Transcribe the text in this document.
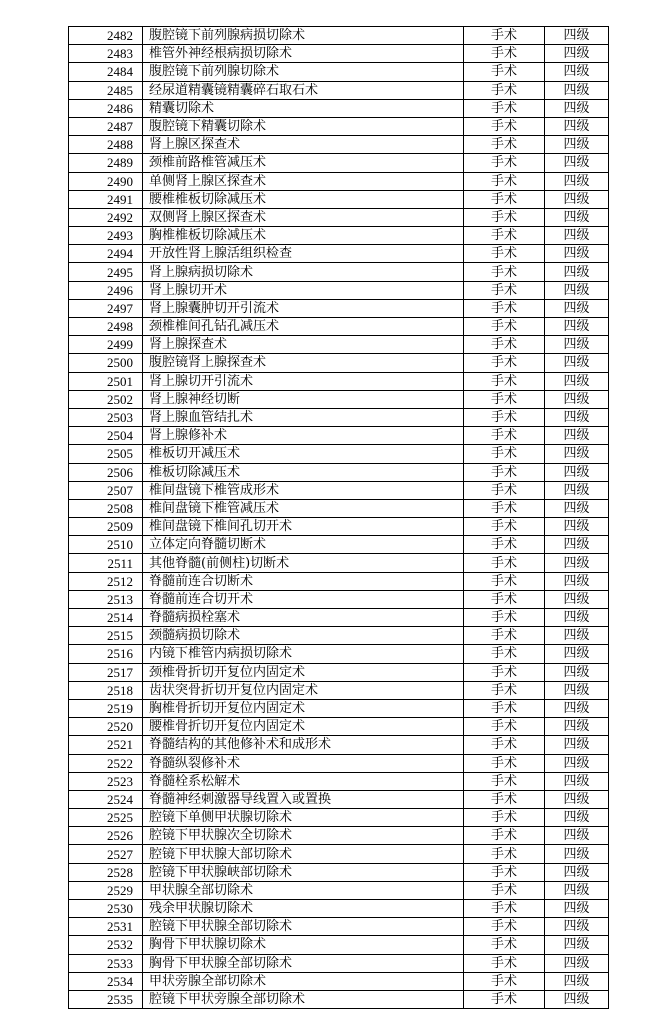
2482	腹腔镜下前列腺病损切除术	手术	四级
2483	椎管外神经根病损切除术	手术	四级
2484	腹腔镜下前列腺切除术	手术	四级
2485	经尿道精囊镜精囊碎石取石术	手术	四级
2486	精囊切除术	手术	四级
2487	腹腔镜下精囊切除术	手术	四级
2488	肾上腺区探查术	手术	四级
2489	颈椎前路椎管减压术	手术	四级
2490	单侧肾上腺区探查术	手术	四级
2491	腰椎椎板切除减压术	手术	四级
2492	双侧肾上腺区探查术	手术	四级
2493	胸椎椎板切除减压术	手术	四级
2494	开放性肾上腺活组织检查	手术	四级
2495	肾上腺病损切除术	手术	四级
2496	肾上腺切开术	手术	四级
2497	肾上腺囊肿切开引流术	手术	四级
2498	颈椎椎间孔钻孔减压术	手术	四级
2499	肾上腺探查术	手术	四级
2500	腹腔镜肾上腺探查术	手术	四级
2501	肾上腺切开引流术	手术	四级
2502	肾上腺神经切断	手术	四级
2503	肾上腺血管结扎术	手术	四级
2504	肾上腺修补术	手术	四级
2505	椎板切开减压术	手术	四级
2506	椎板切除减压术	手术	四级
2507	椎间盘镜下椎管成形术	手术	四级
2508	椎间盘镜下椎管减压术	手术	四级
2509	椎间盘镜下椎间孔切开术	手术	四级
2510	立体定向脊髓切断术	手术	四级
2511	其他脊髓(前侧柱)切断术	手术	四级
2512	脊髓前连合切断术	手术	四级
2513	脊髓前连合切开术	手术	四级
2514	脊髓病损栓塞术	手术	四级
2515	颈髓病损切除术	手术	四级
2516	内镜下椎管内病损切除术	手术	四级
2517	颈椎骨折切开复位内固定术	手术	四级
2518	齿状突骨折切开复位内固定术	手术	四级
2519	胸椎骨折切开复位内固定术	手术	四级
2520	腰椎骨折切开复位内固定术	手术	四级
2521	脊髓结构的其他修补术和成形术	手术	四级
2522	脊髓纵裂修补术	手术	四级
2523	脊髓栓系松解术	手术	四级
2524	脊髓神经刺激器导线置入或置换	手术	四级
2525	腔镜下单侧甲状腺切除术	手术	四级
2526	腔镜下甲状腺次全切除术	手术	四级
2527	腔镜下甲状腺大部切除术	手术	四级
2528	腔镜下甲状腺峡部切除术	手术	四级
2529	甲状腺全部切除术	手术	四级
2530	残余甲状腺切除术	手术	四级
2531	腔镜下甲状腺全部切除术	手术	四级
2532	胸骨下甲状腺切除术	手术	四级
2533	胸骨下甲状腺全部切除术	手术	四级
2534	甲状旁腺全部切除术	手术	四级
2535	腔镜下甲状旁腺全部切除术	手术	四级
